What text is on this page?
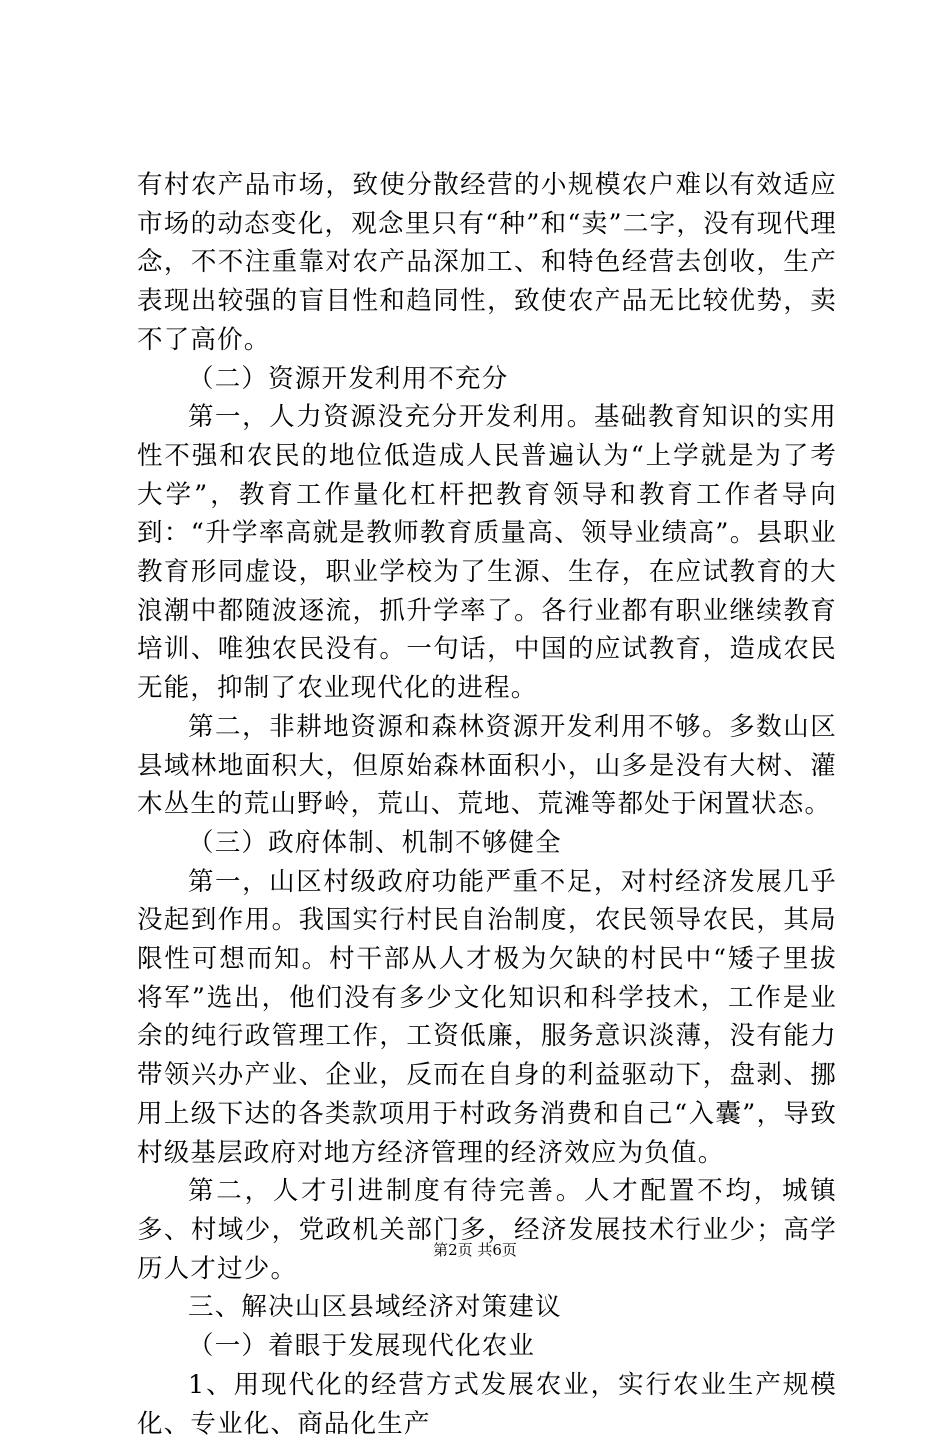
有村农产品市场，致使分散经营的小规模农户难以有效适应市场的动态变化，观念里只有“种”和“卖”二字，没有现代理念，不不注重靠对农产品深加工、和特色经营去创收，生产表现出较强的盲目性和趋同性，致使农产品无比较优势，卖不了高价。

（二）资源开发利用不充分

第一，人力资源没充分开发利用。基础教育知识的实用性不强和农民的地位低造成人民普遍认为“上学就是为了考大学”，教育工作量化杠杆把教育领导和教育工作者导向到：“升学率高就是教师教育质量高、领导业绩高”。县职业教育形同虚设，职业学校为了生源、生存，在应试教育的大浪潮中都随波逐流，抓升学率了。各行业都有职业继续教育培训、唯独农民没有。一句话，中国的应试教育，造成农民无能，抑制了农业现代化的进程。

第二，非耕地资源和森林资源开发利用不够。多数山区县域林地面积大，但原始森林面积小，山多是没有大树、灌木丛生的荒山野岭，荒山、荒地、荒滩等都处于闲置状态。

（三）政府体制、机制不够健全

第一，山区村级政府功能严重不足，对村经济发展几乎没起到作用。我国实行村民自治制度，农民领导农民，其局限性可想而知。村干部从人才极为欠缺的村民中“矮子里拔将军”选出，他们没有多少文化知识和科学技术，工作是业余的纯行政管理工作，工资低廉，服务意识淡薄，没有能力带领兴办产业、企业，反而在自身的利益驱动下，盘剥、挪用上级下达的各类款项用于村政务消费和自己“入囊”，导致村级基层政府对地方经济管理的经济效应为负值。

第二，人才引进制度有待完善。人才配置不均，城镇多、村域少，党政机关部门多，经济发展技术行业少；高学历人才过少。

三、解决山区县域经济对策建议

（一）着眼于发展现代化农业

1、用现代化的经营方式发展农业，实行农业生产规模化、专业化、商品化生产

第2页 共6页
